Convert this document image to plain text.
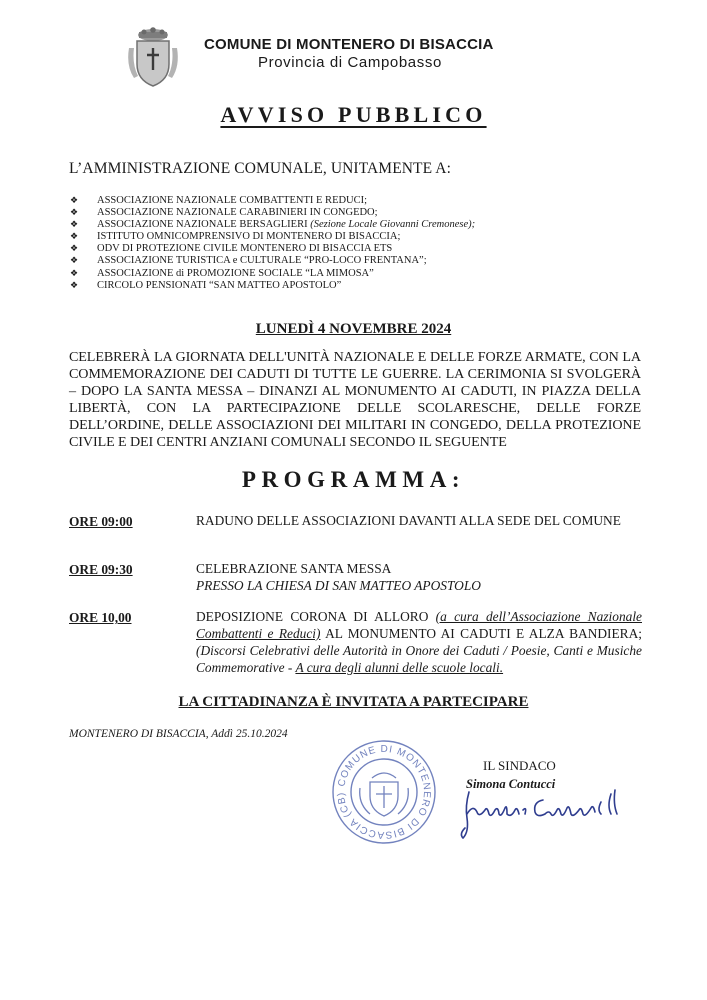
COMUNE DI MONTENERO DI BISACCIA
Provincia di Campobasso
AVVISO PUBBLICO
L’AMMINISTRAZIONE COMUNALE, UNITAMENTE A:
❖ ASSOCIAZIONE NAZIONALE COMBATTENTI E REDUCI;
❖ ASSOCIAZIONE NAZIONALE CARABINIERI IN CONGEDO;
❖ ASSOCIAZIONE NAZIONALE BERSAGLIERI (Sezione Locale Giovanni Cremonese);
❖ ISTITUTO OMNICOMPRENSIVO DI MONTENERO DI BISACCIA;
❖ ODV DI PROTEZIONE CIVILE MONTENERO DI BISACCIA ETS
❖ ASSOCIAZIONE TURISTICA e CULTURALE “PRO-LOCO FRENTANA”;
❖ ASSOCIAZIONE di PROMOZIONE SOCIALE “LA MIMOSA”
❖ CIRCOLO PENSIONATI “SAN MATTEO APOSTOLO”
LUNEDÌ 4 NOVEMBRE 2024
CELEBRERÀ LA GIORNATA DELL'UNITÀ NAZIONALE E DELLE FORZE ARMATE, CON LA COMMEMORAZIONE DEI CADUTI DI TUTTE LE GUERRE. LA CERIMONIA SI SVOLGERÀ – DOPO LA SANTA MESSA – DINANZI AL MONUMENTO AI CADUTI, IN PIAZZA DELLA LIBERTÀ, CON LA PARTECIPAZIONE DELLE SCOLARESCHE, DELLE FORZE DELL’ORDINE, DELLE ASSOCIAZIONI DEI MILITARI IN CONGEDO, DELLA PROTEZIONE CIVILE E DEI CENTRI ANZIANI COMUNALI SECONDO IL SEGUENTE
PROGRAMMA:
ORE 09:00	RADUNO DELLE ASSOCIAZIONI DAVANTI ALLA SEDE DEL COMUNE
ORE 09:30	CELEBRAZIONE SANTA MESSA
PRESSO LA CHIESA DI SAN MATTEO APOSTOLO
ORE 10,00	DEPOSIZIONE CORONA DI ALLORO (a cura dell’Associazione Nazionale Combattenti e Reduci) AL MONUMENTO AI CADUTI E ALZA BANDIERA; (Discorsi Celebrativi delle Autorità in Onore dei Caduti / Poesie, Canti e Musiche Commemorative - A cura degli alunni delle scuole locali.
LA CITTADINANZA È INVITATA A PARTECIPARE
MONTENERO DI BISACCIA, Addì 25.10.2024
COMUNE DI MONTENERO DI BISACCIA (CB)
IL SINDACO
Simona Contucci
